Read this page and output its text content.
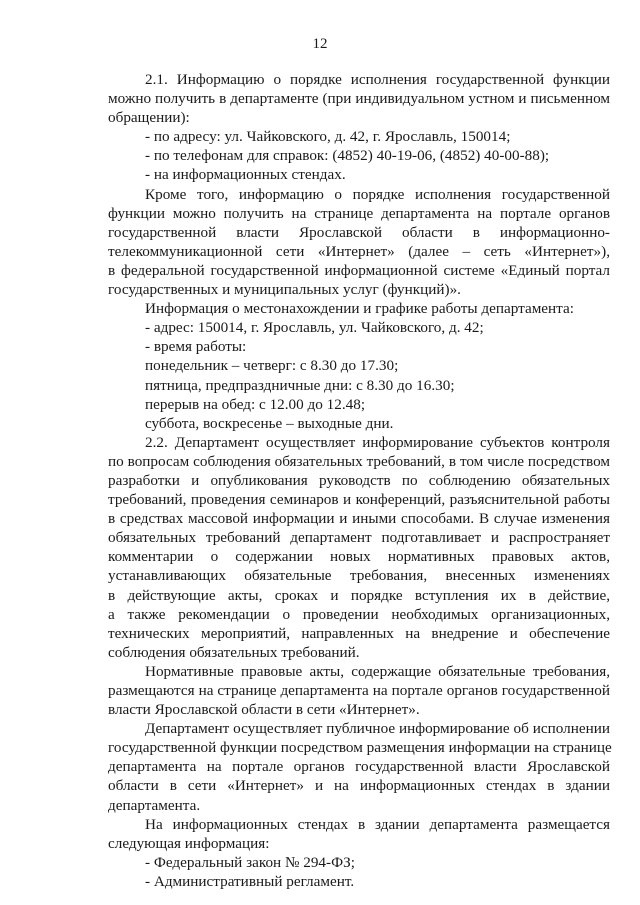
12
2.1. Информацию о порядке исполнения государственной функции
можно получить в департаменте (при индивидуальном устном и письменном
обращении):
- по адресу: ул. Чайковского, д. 42, г. Ярославль, 150014;
- по телефонам для справок: (4852) 40-19-06, (4852) 40-00-88);
- на информационных стендах.
Кроме того, информацию о порядке исполнения государственной
функции можно получить на странице департамента на портале органов
государственной власти Ярославской области в информационно-
телекоммуникационной сети «Интернет» (далее – сеть «Интернет»),
в федеральной государственной информационной системе «Единый портал
государственных и муниципальных услуг (функций)».
Информация о местонахождении и графике работы департамента:
- адрес: 150014, г. Ярославль, ул. Чайковского, д. 42;
- время работы:
понедельник – четверг: с 8.30 до 17.30;
пятница, предпраздничные дни: с 8.30 до 16.30;
перерыв на обед: с 12.00 до 12.48;
суббота, воскресенье – выходные дни.
2.2. Департамент осуществляет информирование субъектов контроля
по вопросам соблюдения обязательных требований, в том числе посредством
разработки и опубликования руководств по соблюдению обязательных
требований, проведения семинаров и конференций, разъяснительной работы
в средствах массовой информации и иными способами. В случае изменения
обязательных требований департамент подготавливает и распространяет
комментарии о содержании новых нормативных правовых актов,
устанавливающих обязательные требования, внесенных изменениях
в действующие акты, сроках и порядке вступления их в действие,
а также рекомендации о проведении необходимых организационных,
технических мероприятий, направленных на внедрение и обеспечение
соблюдения обязательных требований.
Нормативные правовые акты, содержащие обязательные требования,
размещаются на странице департамента на портале органов государственной
власти Ярославской области в сети «Интернет».
Департамент осуществляет публичное информирование об исполнении
государственной функции посредством размещения информации на странице
департамента на портале органов государственной власти Ярославской
области в сети «Интернет» и на информационных стендах в здании
департамента.
На информационных стендах в здании департамента размещается
следующая информация:
- Федеральный закон № 294-ФЗ;
- Административный регламент.
